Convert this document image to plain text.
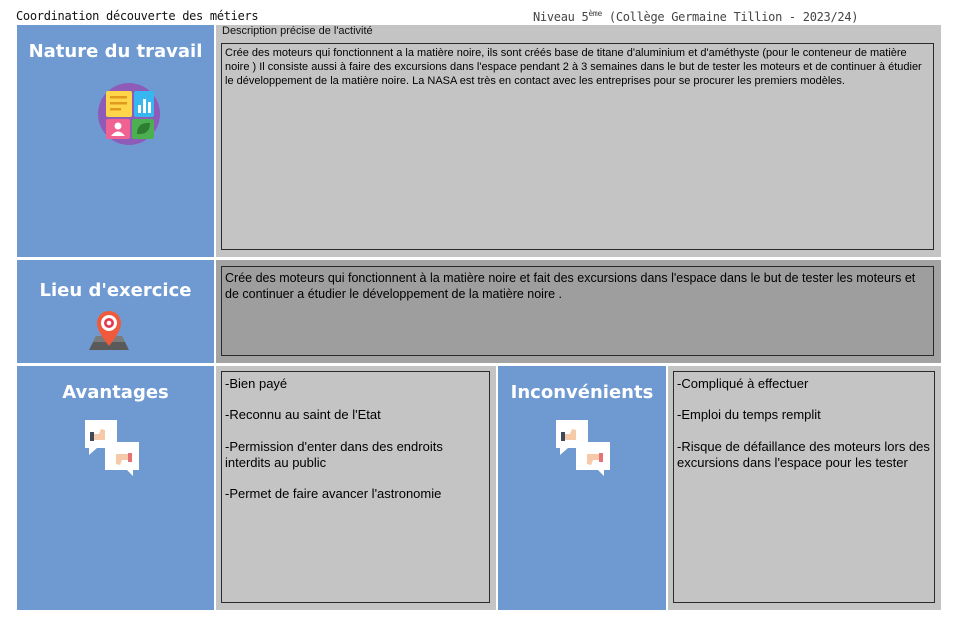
Coordination découverte des métiers	Niveau 5ème (Collège Germaine Tillion - 2023/24)
Nature du travail
Description précise de l'activité
Crée des moteurs qui fonctionnent a la matière noire, ils sont créés base de titane d'aluminium et d'améthyste (pour le conteneur de matière noire ) Il consiste aussi à faire des excursions dans l'espace pendant 2 à 3 semaines dans le but de tester les moteurs et de continuer à étudier le développement de la matière noire. La NASA est très en contact avec les entreprises pour se procurer les premiers modèles.
Lieu d'exercice
Crée des moteurs qui fonctionnent à la matière noire et fait des excursions dans l'espace dans le but de tester les moteurs et de continuer a étudier le développement de la matière noire .
Avantages	-Bien payé

-Reconnu au saint de l'Etat

-Permission d'enter dans des endroits interdits au public

-Permet de faire avancer l'astronomie

Inconvénients	-Compliqué à effectuer

-Emploi du temps remplit

-Risque de défaillance des moteurs lors des excursions dans l'espace pour les tester
